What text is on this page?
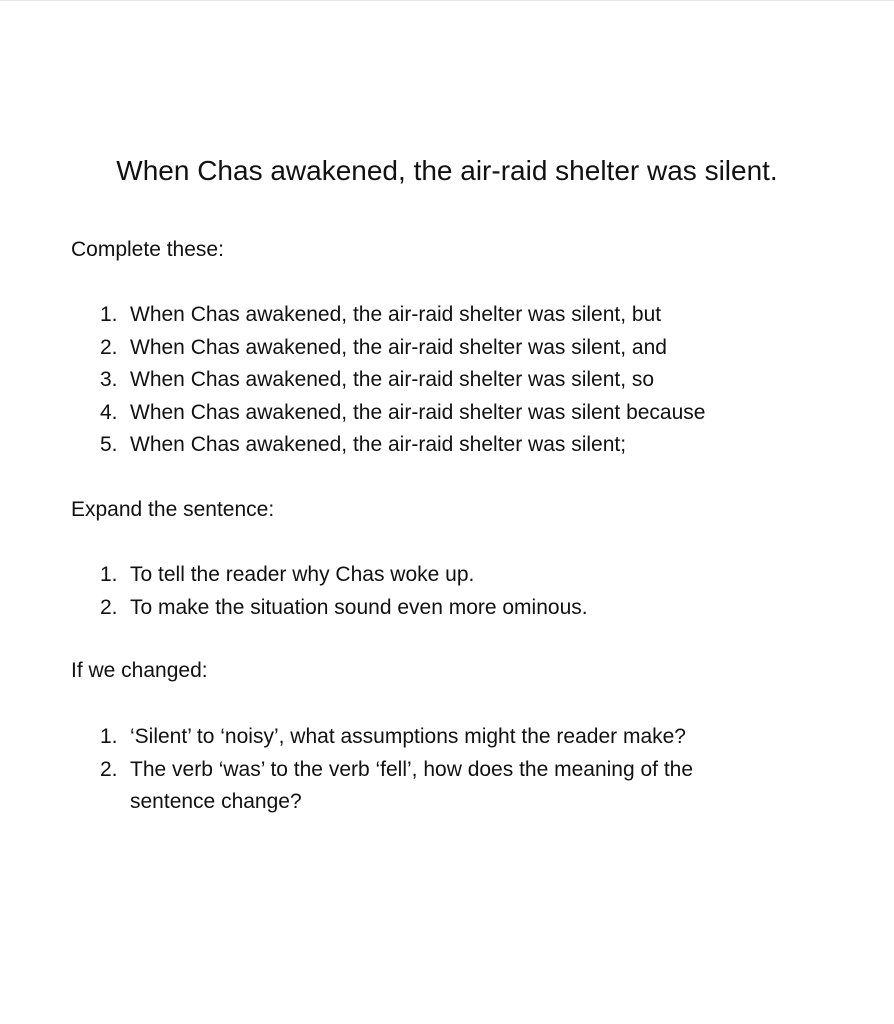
When Chas awakened, the air-raid shelter was silent.

Complete these:

1. When Chas awakened, the air-raid shelter was silent, but
2. When Chas awakened, the air-raid shelter was silent, and
3. When Chas awakened, the air-raid shelter was silent, so
4. When Chas awakened, the air-raid shelter was silent because
5. When Chas awakened, the air-raid shelter was silent;

Expand the sentence:

1. To tell the reader why Chas woke up.
2. To make the situation sound even more ominous.

If we changed:

1. ‘Silent’ to ‘noisy’, what assumptions might the reader make?
2. The verb ‘was’ to the verb ‘fell’, how does the meaning of the sentence change?
